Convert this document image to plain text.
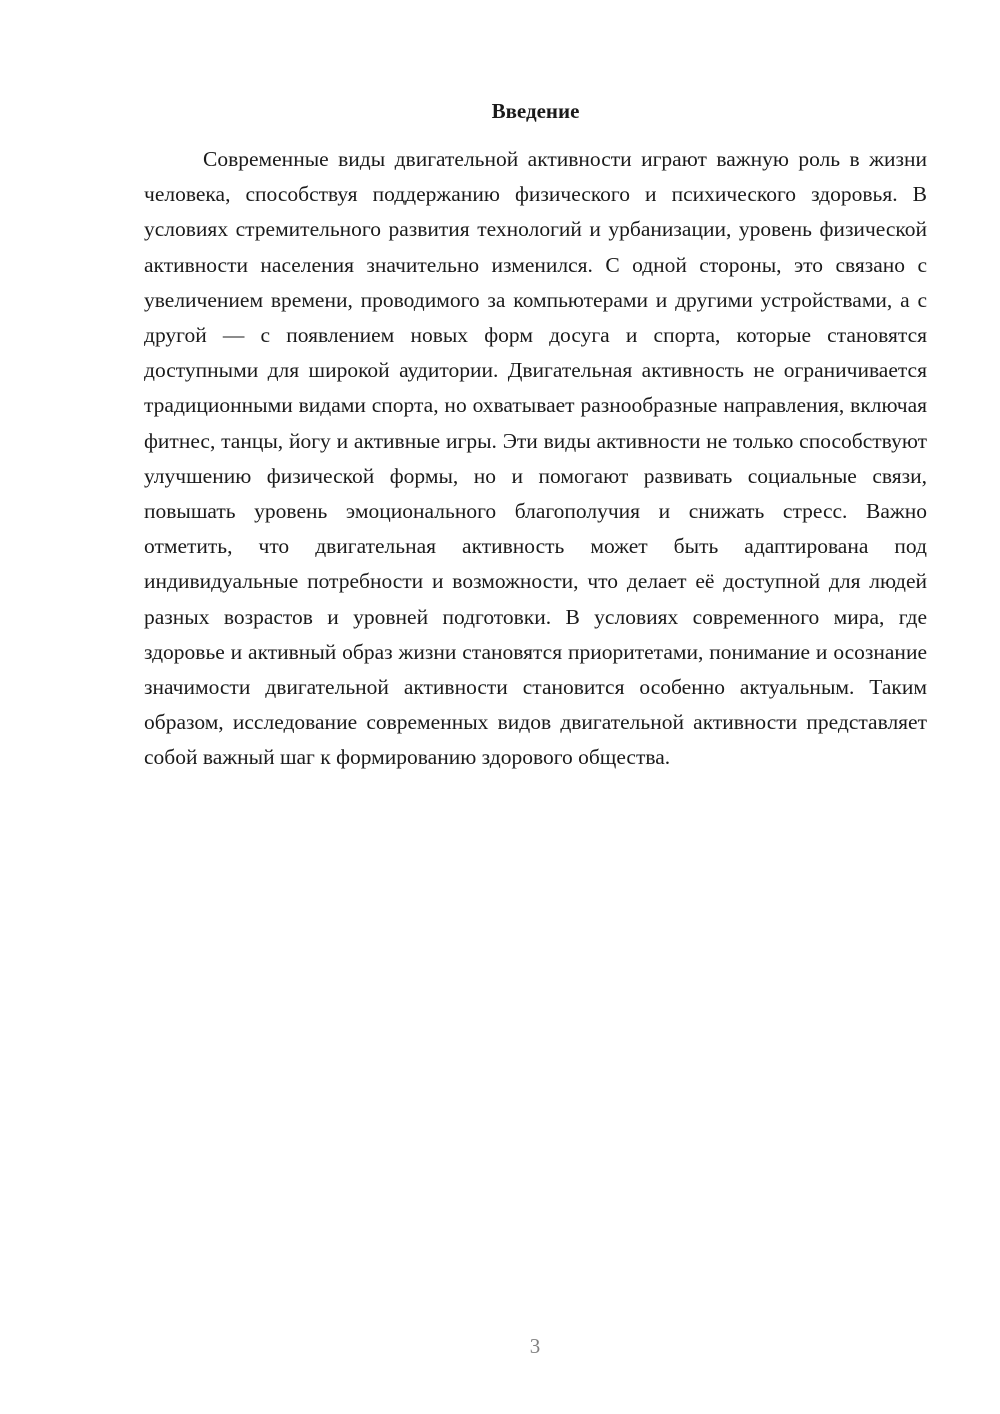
Введение

Современные виды двигательной активности играют важную роль в жизни человека, способствуя поддержанию физического и психического здоровья. В условиях стремительного развития технологий и урбанизации, уровень физической активности населения значительно изменился. С одной стороны, это связано с увеличением времени, проводимого за компьютерами и другими устройствами, а с другой — с появлением новых форм досуга и спорта, которые становятся доступными для широкой аудитории. Двигательная активность не ограничивается традиционными видами спорта, но охватывает разнообразные направления, включая фитнес, танцы, йогу и активные игры. Эти виды активности не только способствуют улучшению физической формы, но и помогают развивать социальные связи, повышать уровень эмоционального благополучия и снижать стресс. Важно отметить, что двигательная активность может быть адаптирована под индивидуальные потребности и возможности, что делает её доступной для людей разных возрастов и уровней подготовки. В условиях современного мира, где здоровье и активный образ жизни становятся приоритетами, понимание и осознание значимости двигательной активности становится особенно актуальным. Таким образом, исследование современных видов двигательной активности представляет собой важный шаг к формированию здорового общества.

3
